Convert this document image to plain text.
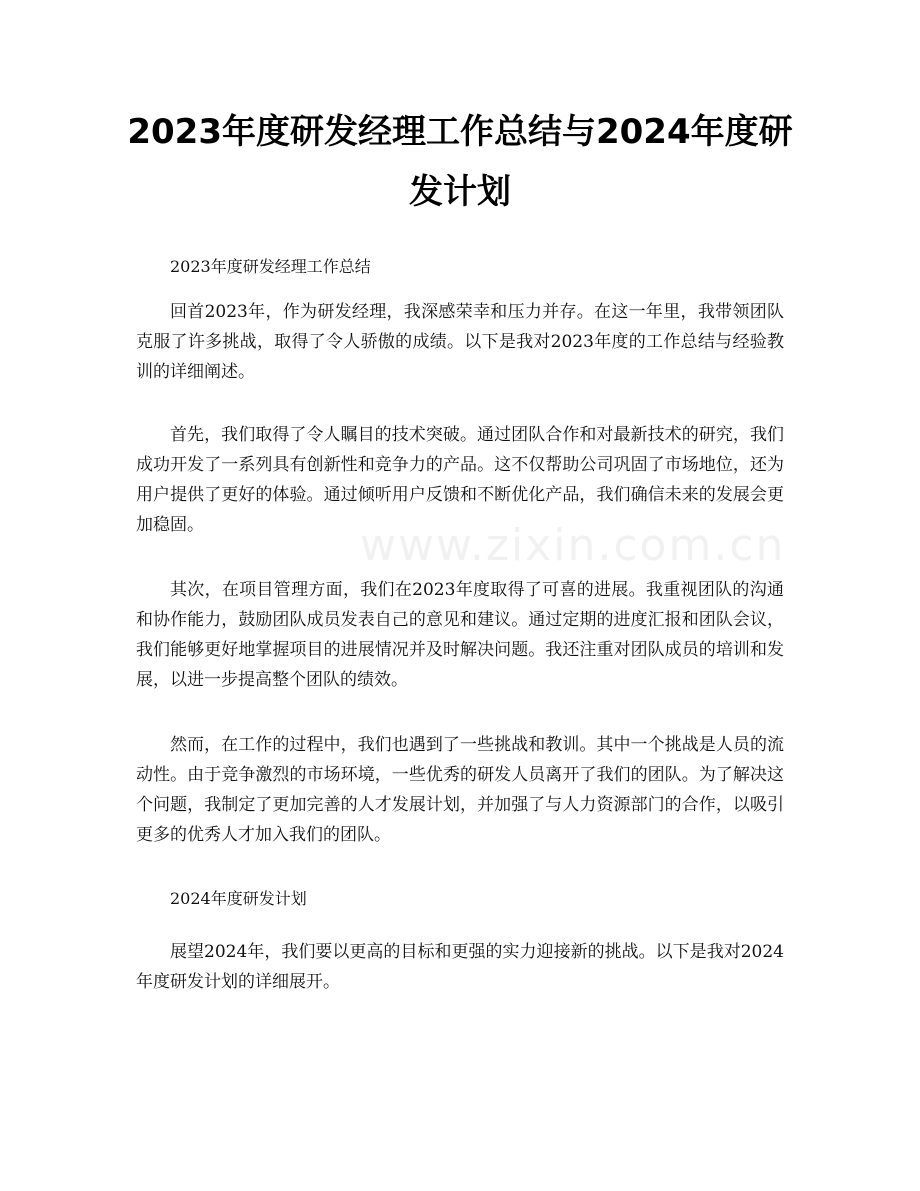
2023年度研发经理工作总结与2024年度研发计划

2023年度研发经理工作总结

回首2023年，作为研发经理，我深感荣幸和压力并存。在这一年里，我带领团队克服了许多挑战，取得了令人骄傲的成绩。以下是我对2023年度的工作总结与经验教训的详细阐述。

首先，我们取得了令人瞩目的技术突破。通过团队合作和对最新技术的研究，我们成功开发了一系列具有创新性和竞争力的产品。这不仅帮助公司巩固了市场地位，还为用户提供了更好的体验。通过倾听用户反馈和不断优化产品，我们确信未来的发展会更加稳固。

其次，在项目管理方面，我们在2023年度取得了可喜的进展。我重视团队的沟通和协作能力，鼓励团队成员发表自己的意见和建议。通过定期的进度汇报和团队会议，我们能够更好地掌握项目的进展情况并及时解决问题。我还注重对团队成员的培训和发展，以进一步提高整个团队的绩效。

然而，在工作的过程中，我们也遇到了一些挑战和教训。其中一个挑战是人员的流动性。由于竞争激烈的市场环境，一些优秀的研发人员离开了我们的团队。为了解决这个问题，我制定了更加完善的人才发展计划，并加强了与人力资源部门的合作，以吸引更多的优秀人才加入我们的团队。

2024年度研发计划

展望2024年，我们要以更高的目标和更强的实力迎接新的挑战。以下是我对2024年度研发计划的详细展开。

www.zixin.com.cn
